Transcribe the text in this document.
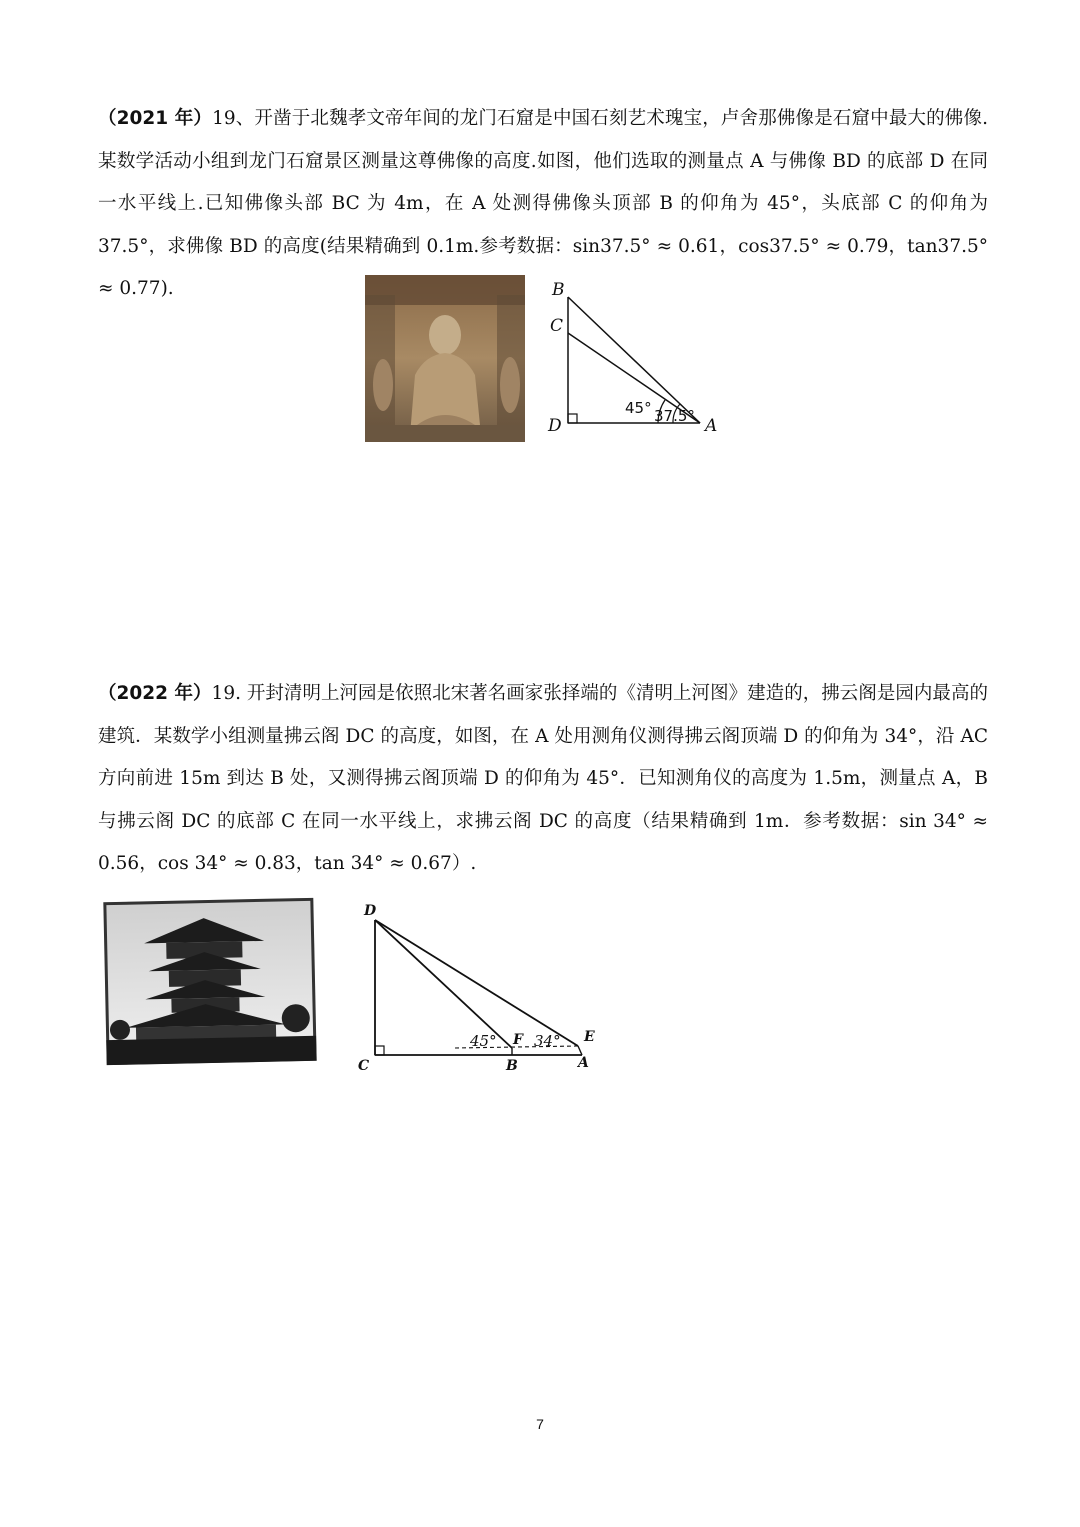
（2021 年）19、开凿于北魏孝文帝年间的龙门石窟是中国石刻艺术瑰宝，卢舍那佛像是石窟中最大的佛像.某数学活动小组到龙门石窟景区测量这尊佛像的高度.如图，他们选取的测量点 A 与佛像 BD 的底部 D 在同一水平线上.已知佛像头部 BC 为 4m，在 A 处测得佛像头顶部 B 的仰角为 45°，头底部 C 的仰角为 37.5°，求佛像 BD 的高度(结果精确到 0.1m.参考数据：sin37.5° ≈ 0.61，cos37.5° ≈ 0.79，tan37.5° ≈ 0.77).	B
C
D	A
45° 37.5°
（2022 年）19. 开封清明上河园是依照北宋著名画家张择端的《清明上河图》建造的，拂云阁是园内最高的建筑．某数学小组测量拂云阁 DC 的高度，如图，在 A 处用测角仪测得拂云阁顶端 D 的仰角为 34°，沿 AC 方向前进 15m 到达 B 处，又测得拂云阁顶端 D 的仰角为 45°．已知测角仪的高度为 1.5m，测量点 A，B 与拂云阁 DC 的底部 C 在同一水平线上，求拂云阁 DC 的高度（结果精确到 1m．参考数据：sin 34° ≈ 0.56，cos 34° ≈ 0.83，tan 34° ≈ 0.67）.
D
C	B	A
F	E
45° 34°
7
